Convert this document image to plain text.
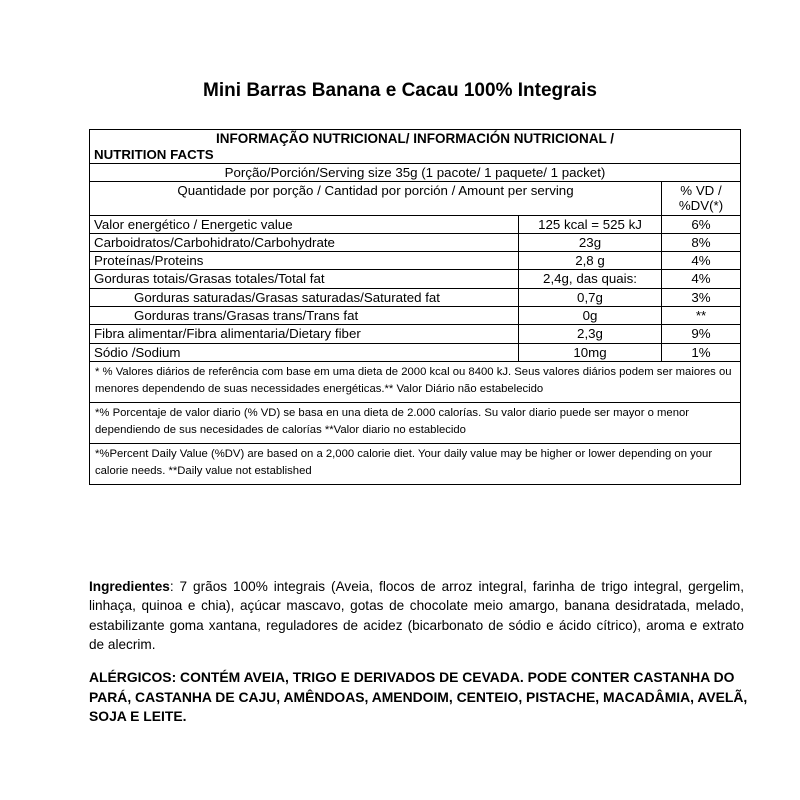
Mini Barras Banana e Cacau 100% Integrais
INFORMAÇÃO NUTRICIONAL/ INFORMACIÓN NUTRICIONAL /
NUTRITION FACTS		

Porção/Porción/Serving size 35g (1 pacote/ 1 paquete/ 1 packet)		
Quantidade por porção / Cantidad por porción / Amount per serving		% VD /
%DV(*)

Valor energético / Energetic value	125 kcal = 525 kJ	6%
Carboidratos/Carbohidrato/Carbohydrate	23g	8%
Proteínas/Proteins	2,8 g	4%
Gorduras totais/Grasas totales/Total fat	2,4g, das quais:	4%
Gorduras saturadas/Grasas saturadas/Saturated fat	0,7g	3%
Gorduras trans/Grasas trans/Trans fat	0g	**
Fibra alimentar/Fibra alimentaria/Dietary fiber	2,3g	9%
Sódio /Sodium	10mg	1%
* % Valores diários de referência com base em uma dieta de 2000 kcal ou 8400 kJ. Seus valores diários podem ser maiores ou menores dependendo de suas necessidades energéticas.** Valor Diário não estabelecido		
*% Porcentaje de valor diario (% VD) se basa en una dieta de 2.000 calorías. Su valor diario puede ser mayor o menor dependiendo de sus necesidades de calorías **Valor diario no establecido		
*%Percent Daily Value (%DV) are based on a 2,000 calorie diet. Your daily value may be higher or lower depending on your calorie needs. **Daily value not established		
Ingredientes: 7 grãos 100% integrais (Aveia, flocos de arroz integral, farinha de trigo integral, gergelim, linhaça, quinoa e chia), açúcar mascavo, gotas de chocolate meio amargo, banana desidratada, melado, estabilizante goma xantana, reguladores de acidez (bicarbonato de sódio e ácido cítrico), aroma e extrato de alecrim.
ALÉRGICOS: CONTÉM AVEIA, TRIGO E DERIVADOS DE CEVADA. PODE CONTER CASTANHA DO PARÁ, CASTANHA DE CAJU, AMÊNDOAS, AMENDOIM, CENTEIO, PISTACHE, MACADÂMIA, AVELÃ, SOJA E LEITE.
